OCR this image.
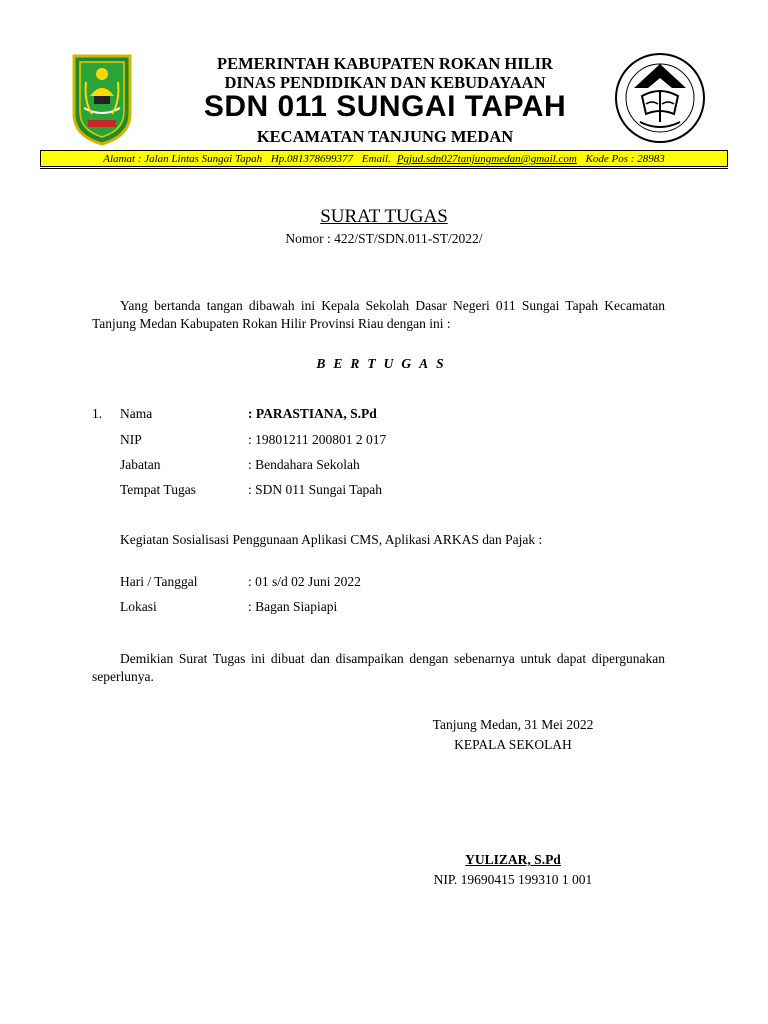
PEMERINTAH KABUPATEN ROKAN HILIR
DINAS PENDIDIKAN DAN KEBUDAYAAN
SDN 011 SUNGAI TAPAH
KECAMATAN TANJUNG MEDAN
Alamat : Jalan Lintas Sungai Tapah Hp.081378699377 Email. Pgjud.sdn027tanjungmedan@gmail.com Kode Pos : 28983
SURAT TUGAS
Nomor : 422/ST/SDN.011-ST/2022/
Yang bertanda tangan dibawah ini Kepala Sekolah Dasar Negeri 011 Sungai Tapah Kecamatan Tanjung Medan Kabupaten Rokan Hilir Provinsi Riau dengan ini :
BERTUGAS
1. Nama	: PARASTIANA, S.Pd
NIP	: 19801211 200801 2 017
Jabatan	: Bendahara Sekolah
Tempat Tugas	: SDN 011 Sungai Tapah
Kegiatan Sosialisasi Penggunaan Aplikasi CMS, Aplikasi ARKAS dan Pajak :
Hari / Tanggal	: 01 s/d 02 Juni 2022
Lokasi	: Bagan Siapiapi
Demikian Surat Tugas ini dibuat dan disampaikan dengan sebenarnya untuk dapat dipergunakan seperlunya.
Tanjung Medan, 31 Mei 2022
KEPALA SEKOLAH
YULIZAR, S.Pd
NIP. 19690415 199310 1 001
